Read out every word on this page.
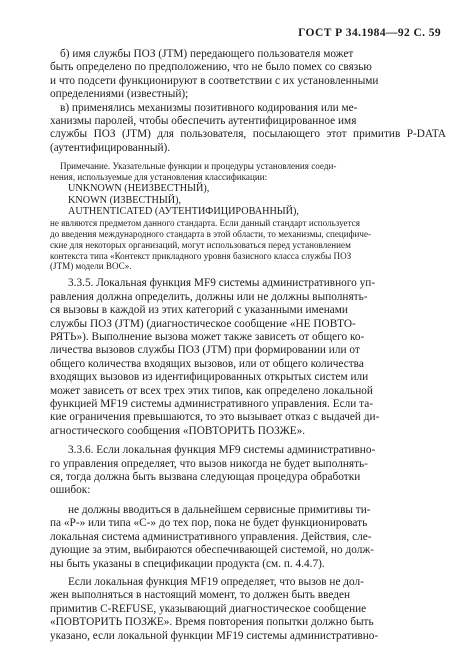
ГОСТ Р 34.1984—92 С. 59

б) имя службы ПОЗ (JTM) передающего пользователя может
быть определено по предположению, что не было помех со связью
и что подсети функционируют в соответствии с их установленными
определениями (известный);

в) применялись механизмы позитивного кодирования или ме-
ханизмы паролей, чтобы обеспечить аутентифицированное имя
службы ПОЗ (JTM) для пользователя, посылающего этот примитив P-DATA (аутентифицированный).

Примечание. Указательные функции и процедуры установления соеди-
нения, используемые для установления классификации:

UNKNOWN (НЕИЗВЕСТНЫЙ),
KNOWN (ИЗВЕСТНЫЙ),
AUTHENTICATED (АУТЕНТИФИЦИРОВАННЫЙ),

не являются предметом данного стандарта. Если данный стандарт используется
до введения международного стандарта в этой области, то механизмы, специфиче-
ские для некоторых организаций, могут использоваться перед установлением
контекста типа «Контекст прикладного уровня базисного класса службы ПОЗ
(JTM) модели ВОС».

3.3.5. Локальная функция MF9 системы административного уп-
равления должна определить, должны или не должны выполнять-
ся вызовы в каждой из этих категорий с указанными именами
службы ПОЗ (JTM) (диагностическое сообщение «НЕ ПОВТО-
РЯТЬ»). Выполнение вызова может также зависеть от общего ко-
личества вызовов службы ПОЗ (JTM) при формировании или от
общего количества входящих вызовов, или от общего количества
входящих вызовов из идентифицированных открытых систем или
может зависеть от всех трех этих типов, как определено локальной
функцией MF19 системы административного управления. Если та-
кие ограничения превышаются, то это вызывает отказ с выдачей ди-
агностического сообщения «ПОВТОРИТЬ ПОЗЖЕ».

3.3.6. Если локальная функция MF9 системы административно-
го управления определяет, что вызов никогда не будет выполнять-
ся, тогда должна быть вызвана следующая процедура обработки
ошибок:

не должны вводиться в дальнейшем сервисные примитивы ти-
па «Р-» или типа «С-» до тех пор, пока не будет функционировать
локальная система административного управления. Действия, сле-
дующие за этим, выбираются обеспечивающей системой, но долж-
ны быть указаны в спецификации продукта (см. п. 4.4.7).

Если локальная функция MF19 определяет, что вызов не дол-
жен выполняться в настоящий момент, то должен быть введен
примитив C-REFUSE, указывающий диагностическое сообщение
«ПОВТОРИТЬ ПОЗЖЕ». Время повторения попытки должно быть
указано, если локальной функции MF19 системы административно-
